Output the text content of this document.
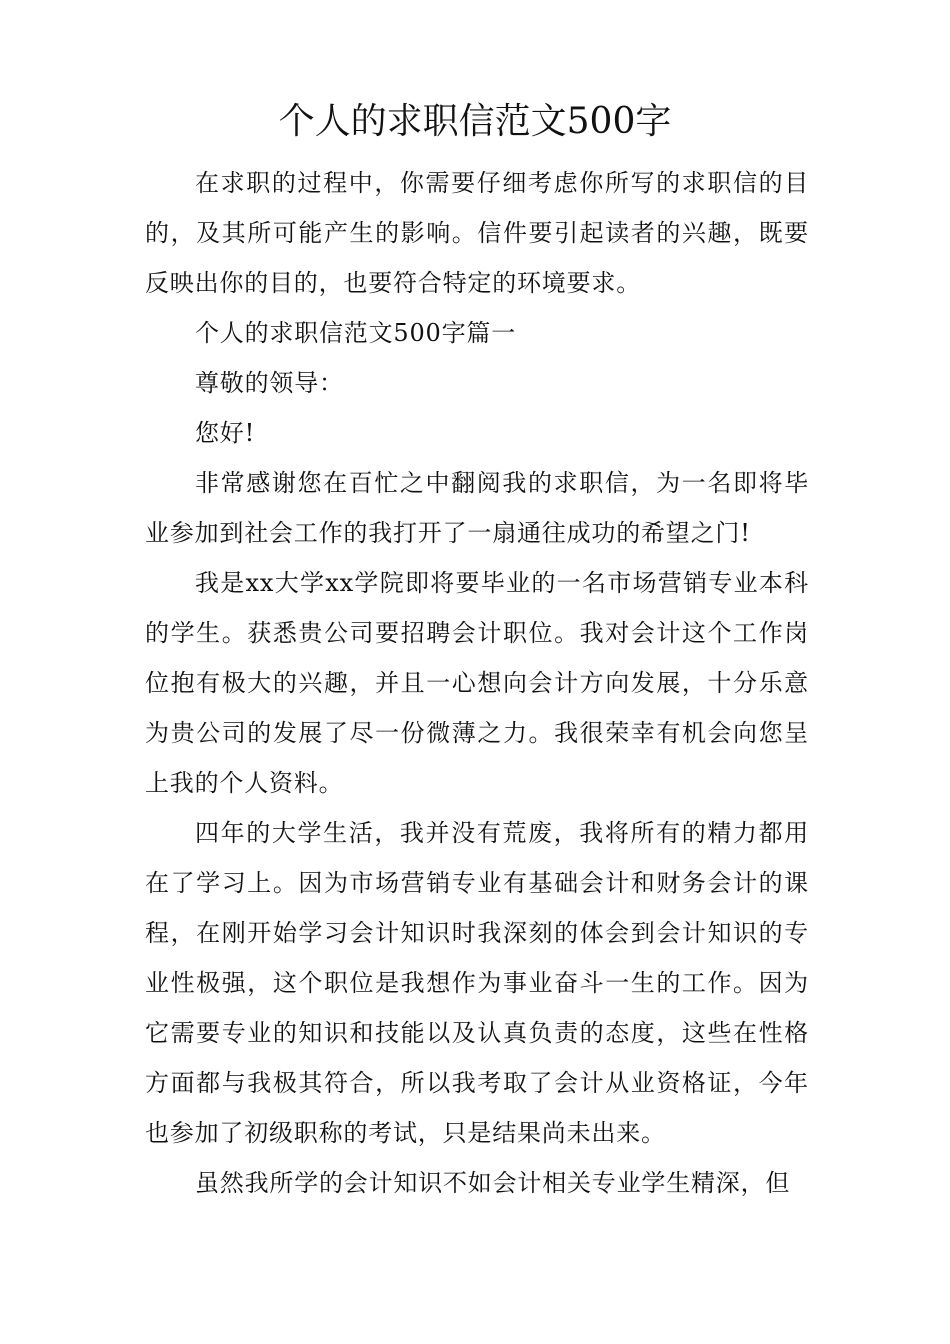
个人的求职信范文500字

在求职的过程中，你需要仔细考虑你所写的求职信的目的，及其所可能产生的影响。信件要引起读者的兴趣，既要反映出你的目的，也要符合特定的环境要求。

个人的求职信范文500字篇一

尊敬的领导：

您好!

非常感谢您在百忙之中翻阅我的求职信，为一名即将毕业参加到社会工作的我打开了一扇通往成功的希望之门!

我是xx大学xx学院即将要毕业的一名市场营销专业本科的学生。获悉贵公司要招聘会计职位。我对会计这个工作岗位抱有极大的兴趣，并且一心想向会计方向发展，十分乐意为贵公司的发展了尽一份微薄之力。我很荣幸有机会向您呈上我的个人资料。

四年的大学生活，我并没有荒废，我将所有的精力都用在了学习上。因为市场营销专业有基础会计和财务会计的课程，在刚开始学习会计知识时我深刻的体会到会计知识的专业性极强，这个职位是我想作为事业奋斗一生的工作。因为它需要专业的知识和技能以及认真负责的态度，这些在性格方面都与我极其符合，所以我考取了会计从业资格证，今年也参加了初级职称的考试，只是结果尚未出来。

虽然我所学的会计知识不如会计相关专业学生精深，但
